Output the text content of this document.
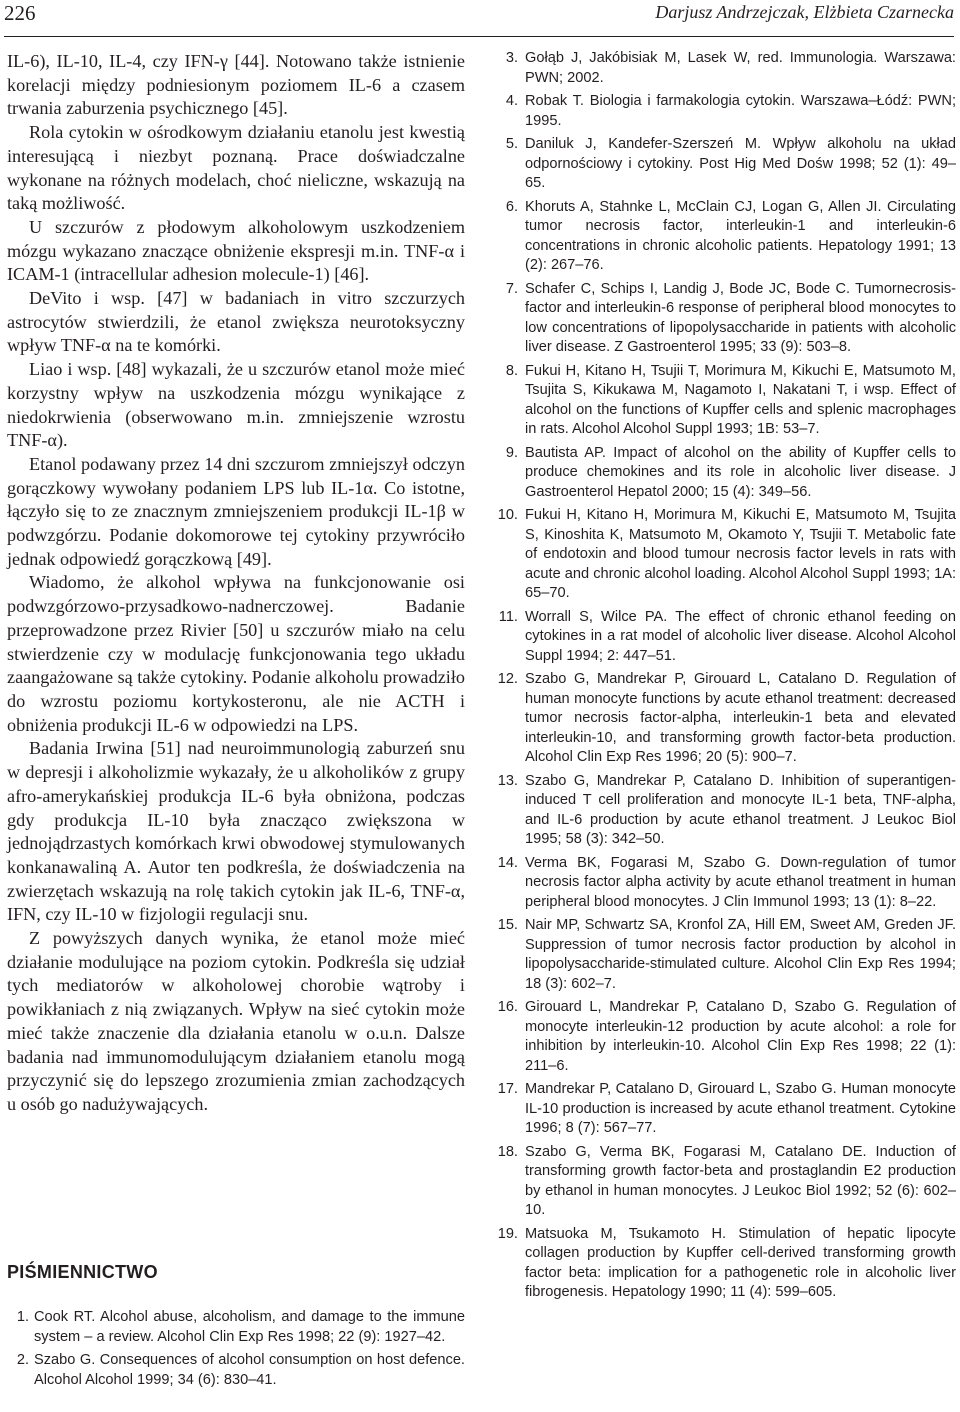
226	Darjusz Andrzejczak, Elżbieta Czarnecka

IL-6), IL-10, IL-4, czy IFN-γ [44]. Notowano także istnienie korelacji między podniesionym poziomem IL-6 a czasem trwania zaburzenia psychicznego [45].

Rola cytokin w ośrodkowym działaniu etanolu jest kwestią interesującą i niezbyt poznaną. Prace doświadczalne wykonane na różnych modelach, choć nieliczne, wskazują na taką możliwość.

U szczurów z płodowym alkoholowym uszkodzeniem mózgu wykazano znaczące obniżenie ekspresji m.in. TNF-α i ICAM-1 (intracellular adhesion molecule-1) [46].

DeVito i wsp. [47] w badaniach in vitro szczurzych astrocytów stwierdzili, że etanol zwiększa neurotoksyczny wpływ TNF-α na te komórki.

Liao i wsp. [48] wykazali, że u szczurów etanol może mieć korzystny wpływ na uszkodzenia mózgu wynikające z niedokrwienia (obserwowano m.in. zmniejszenie wzrostu TNF-α).

Etanol podawany przez 14 dni szczurom zmniejszył odczyn gorączkowy wywołany podaniem LPS lub IL-1α. Co istotne, łączyło się to ze znacznym zmniejszeniem produkcji IL-1β w podwzgórzu. Podanie dokomorowe tej cytokiny przywróciło jednak odpowiedź gorączkową [49].

Wiadomo, że alkohol wpływa na funkcjonowanie osi podwzgórzowo-przysadkowo-nadnerczowej. Badanie przeprowadzone przez Rivier [50] u szczurów miało na celu stwierdzenie czy w modulację funkcjonowania tego układu zaangażowane są także cytokiny. Podanie alkoholu prowadziło do wzrostu poziomu kortykosteronu, ale nie ACTH i obniżenia produkcji IL-6 w odpowiedzi na LPS.

Badania Irwina [51] nad neuroimmunologią zaburzeń snu w depresji i alkoholizmie wykazały, że u alkoholików z grupy afro-amerykańskiej produkcja IL-6 była obniżona, podczas gdy produkcja IL-10 była znacząco zwiększona w jednojądrzastych komórkach krwi obwodowej stymulowanych konkanawaliną A. Autor ten podkreśla, że doświadczenia na zwierzętach wskazują na rolę takich cytokin jak IL-6, TNF-α, IFN, czy IL-10 w fizjologii regulacji snu.

Z powyższych danych wynika, że etanol może mieć działanie modulujące na poziom cytokin. Podkreśla się udział tych mediatorów w alkoholowej chorobie wątroby i powikłaniach z nią związanych. Wpływ na sieć cytokin może mieć także znaczenie dla działania etanolu w o.u.n. Dalsze badania nad immunomodulującym działaniem etanolu mogą przyczynić się do lepszego zrozumienia zmian zachodzących u osób go nadużywających.

PIŚMIENNICTWO
1. Cook RT. Alcohol abuse, alcoholism, and damage to the immune system – a review. Alcohol Clin Exp Res 1998; 22 (9): 1927–42.
2. Szabo G. Consequences of alcohol consumption on host defence. Alcohol Alcohol 1999; 34 (6): 830–41.
3. Gołąb J, Jakóbisiak M, Lasek W, red. Immunologia. Warszawa: PWN; 2002.
4. Robak T. Biologia i farmakologia cytokin. Warszawa–Łódź: PWN; 1995.
5. Daniluk J, Kandefer-Szerszeń M. Wpływ alkoholu na układ odpornościowy i cytokiny. Post Hig Med Dośw 1998; 52 (1): 49–65.
6. Khoruts A, Stahnke L, McClain CJ, Logan G, Allen JI. Circulating tumor necrosis factor, interleukin-1 and interleukin-6 concentrations in chronic alcoholic patients. Hepatology 1991; 13 (2): 267–76.
7. Schafer C, Schips I, Landig J, Bode JC, Bode C. Tumornecrosis-factor and interleukin-6 response of peripheral blood monocytes to low concentrations of lipopolysaccharide in patients with alcoholic liver disease. Z Gastroenterol 1995; 33 (9): 503–8.
8. Fukui H, Kitano H, Tsujii T, Morimura M, Kikuchi E, Matsumoto M, Tsujita S, Kikukawa M, Nagamoto I, Nakatani T, i wsp. Effect of alcohol on the functions of Kupffer cells and splenic macrophages in rats. Alcohol Alcohol Suppl 1993; 1B: 53–7.
9. Bautista AP. Impact of alcohol on the ability of Kupffer cells to produce chemokines and its role in alcoholic liver disease. J Gastroenterol Hepatol 2000; 15 (4): 349–56.
10. Fukui H, Kitano H, Morimura M, Kikuchi E, Matsumoto M, Tsujita S, Kinoshita K, Matsumoto M, Okamoto Y, Tsujii T. Metabolic fate of endotoxin and blood tumour necrosis factor levels in rats with acute and chronic alcohol loading. Alcohol Alcohol Suppl 1993; 1A: 65–70.
11. Worrall S, Wilce PA. The effect of chronic ethanol feeding on cytokines in a rat model of alcoholic liver disease. Alcohol Alcohol Suppl 1994; 2: 447–51.
12. Szabo G, Mandrekar P, Girouard L, Catalano D. Regulation of human monocyte functions by acute ethanol treatment: decreased tumor necrosis factor-alpha, interleukin-1 beta and elevated interleukin-10, and transforming growth factor-beta production. Alcohol Clin Exp Res 1996; 20 (5): 900–7.
13. Szabo G, Mandrekar P, Catalano D. Inhibition of superantigen-induced T cell proliferation and monocyte IL-1 beta, TNF-alpha, and IL-6 production by acute ethanol treatment. J Leukoc Biol 1995; 58 (3): 342–50.
14. Verma BK, Fogarasi M, Szabo G. Down-regulation of tumor necrosis factor alpha activity by acute ethanol treatment in human peripheral blood monocytes. J Clin Immunol 1993; 13 (1): 8–22.
15. Nair MP, Schwartz SA, Kronfol ZA, Hill EM, Sweet AM, Greden JF. Suppression of tumor necrosis factor production by alcohol in lipopolysaccharide-stimulated culture. Alcohol Clin Exp Res 1994; 18 (3): 602–7.
16. Girouard L, Mandrekar P, Catalano D, Szabo G. Regulation of monocyte interleukin-12 production by acute alcohol: a role for inhibition by interleukin-10. Alcohol Clin Exp Res 1998; 22 (1): 211–6.
17. Mandrekar P, Catalano D, Girouard L, Szabo G. Human monocyte IL-10 production is increased by acute ethanol treatment. Cytokine 1996; 8 (7): 567–77.
18. Szabo G, Verma BK, Fogarasi M, Catalano DE. Induction of transforming growth factor-beta and prostaglandin E2 production by ethanol in human monocytes. J Leukoc Biol 1992; 52 (6): 602–10.
19. Matsuoka M, Tsukamoto H. Stimulation of hepatic lipocyte collagen production by Kupffer cell-derived transforming growth factor beta: implication for a pathogenetic role in alcoholic liver fibrogenesis. Hepatology 1990; 11 (4): 599–605.
